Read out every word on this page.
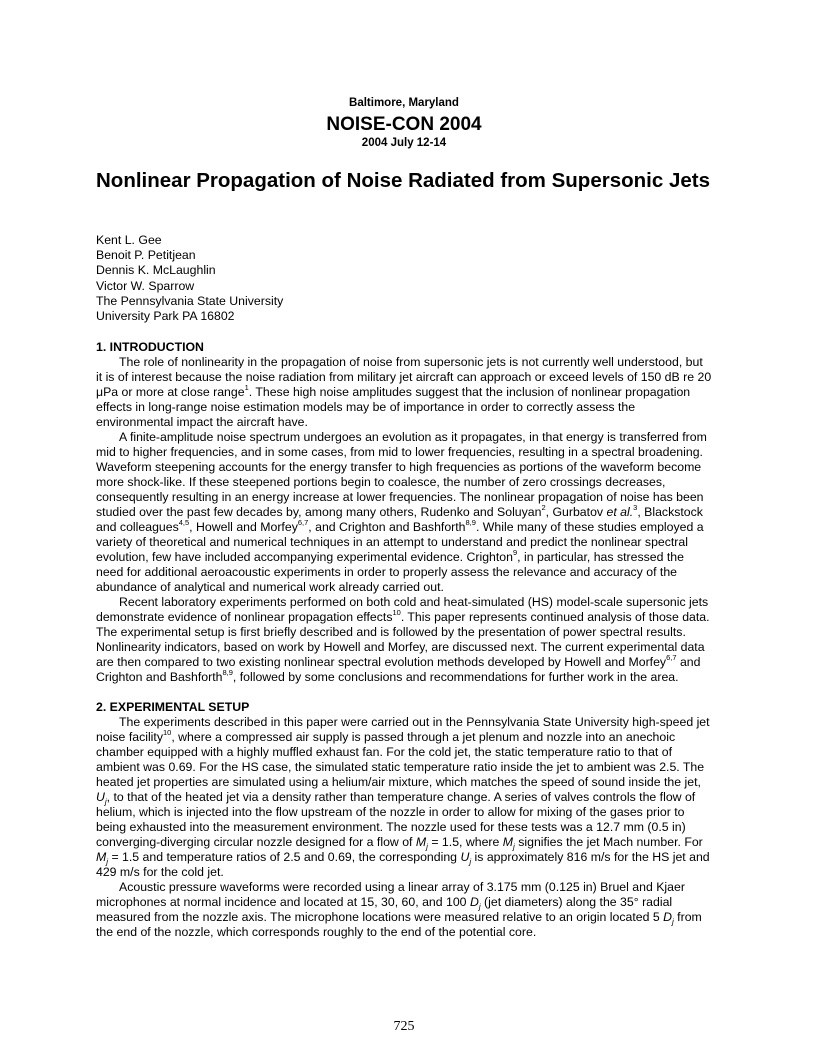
Baltimore, Maryland
NOISE-CON 2004
2004 July 12-14
Nonlinear Propagation of Noise Radiated from Supersonic Jets
Kent L. Gee
Benoit P. Petitjean
Dennis K. McLaughlin
Victor W. Sparrow
The Pennsylvania State University
University Park PA 16802
1. INTRODUCTION

The role of nonlinearity in the propagation of noise from supersonic jets is not currently well understood, but it is of interest because the noise radiation from military jet aircraft can approach or exceed levels of 150 dB re 20 μPa or more at close range$^1$. These high noise amplitudes suggest that the inclusion of nonlinear propagation effects in long-range noise estimation models may be of importance in order to correctly assess the environmental impact the aircraft have.

A finite-amplitude noise spectrum undergoes an evolution as it propagates, in that energy is transferred from mid to higher frequencies, and in some cases, from mid to lower frequencies, resulting in a spectral broadening. Waveform steepening accounts for the energy transfer to high frequencies as portions of the waveform become more shock-like. If these steepened portions begin to coalesce, the number of zero crossings decreases, consequently resulting in an energy increase at lower frequencies. The nonlinear propagation of noise has been studied over the past few decades by, among many others, Rudenko and Soluyan$^2$, Gurbatov et al.$^3$, Blackstock and colleagues$^{4,5}$, Howell and Morfey$^{6,7}$, and Crighton and Bashforth$^{8,9}$. While many of these studies employed a variety of theoretical and numerical techniques in an attempt to understand and predict the nonlinear spectral evolution, few have included accompanying experimental evidence. Crighton$^9$, in particular, has stressed the need for additional aeroacoustic experiments in order to properly assess the relevance and accuracy of the abundance of analytical and numerical work already carried out.

Recent laboratory experiments performed on both cold and heat-simulated (HS) model-scale supersonic jets demonstrate evidence of nonlinear propagation effects$^{10}$. This paper represents continued analysis of those data. The experimental setup is first briefly described and is followed by the presentation of power spectral results. Nonlinearity indicators, based on work by Howell and Morfey, are discussed next. The current experimental data are then compared to two existing nonlinear spectral evolution methods developed by Howell and Morfey$^{6,7}$ and Crighton and Bashforth$^{8,9}$, followed by some conclusions and recommendations for further work in the area.

2. EXPERIMENTAL SETUP

The experiments described in this paper were carried out in the Pennsylvania State University high-speed jet noise facility$^{10}$, where a compressed air supply is passed through a jet plenum and nozzle into an anechoic chamber equipped with a highly muffled exhaust fan. For the cold jet, the static temperature ratio to that of ambient was 0.69. For the HS case, the simulated static temperature ratio inside the jet to ambient was 2.5. The heated jet properties are simulated using a helium/air mixture, which matches the speed of sound inside the jet, $U_j$, to that of the heated jet via a density rather than temperature change. A series of valves controls the flow of helium, which is injected into the flow upstream of the nozzle in order to allow for mixing of the gases prior to being exhausted into the measurement environment. The nozzle used for these tests was a 12.7 mm (0.5 in) converging-diverging circular nozzle designed for a flow of $M_j = 1.5$, where $M_j$ signifies the jet Mach number. For $M_j = 1.5$ and temperature ratios of 2.5 and 0.69, the corresponding $U_j$ is approximately 816 m/s for the HS jet and 429 m/s for the cold jet.

Acoustic pressure waveforms were recorded using a linear array of 3.175 mm (0.125 in) Bruel and Kjaer microphones at normal incidence and located at 15, 30, 60, and 100 $D_j$ (jet diameters) along the 35° radial measured from the nozzle axis. The microphone locations were measured relative to an origin located 5 $D_j$ from the end of the nozzle, which corresponds roughly to the end of the potential core.

725
